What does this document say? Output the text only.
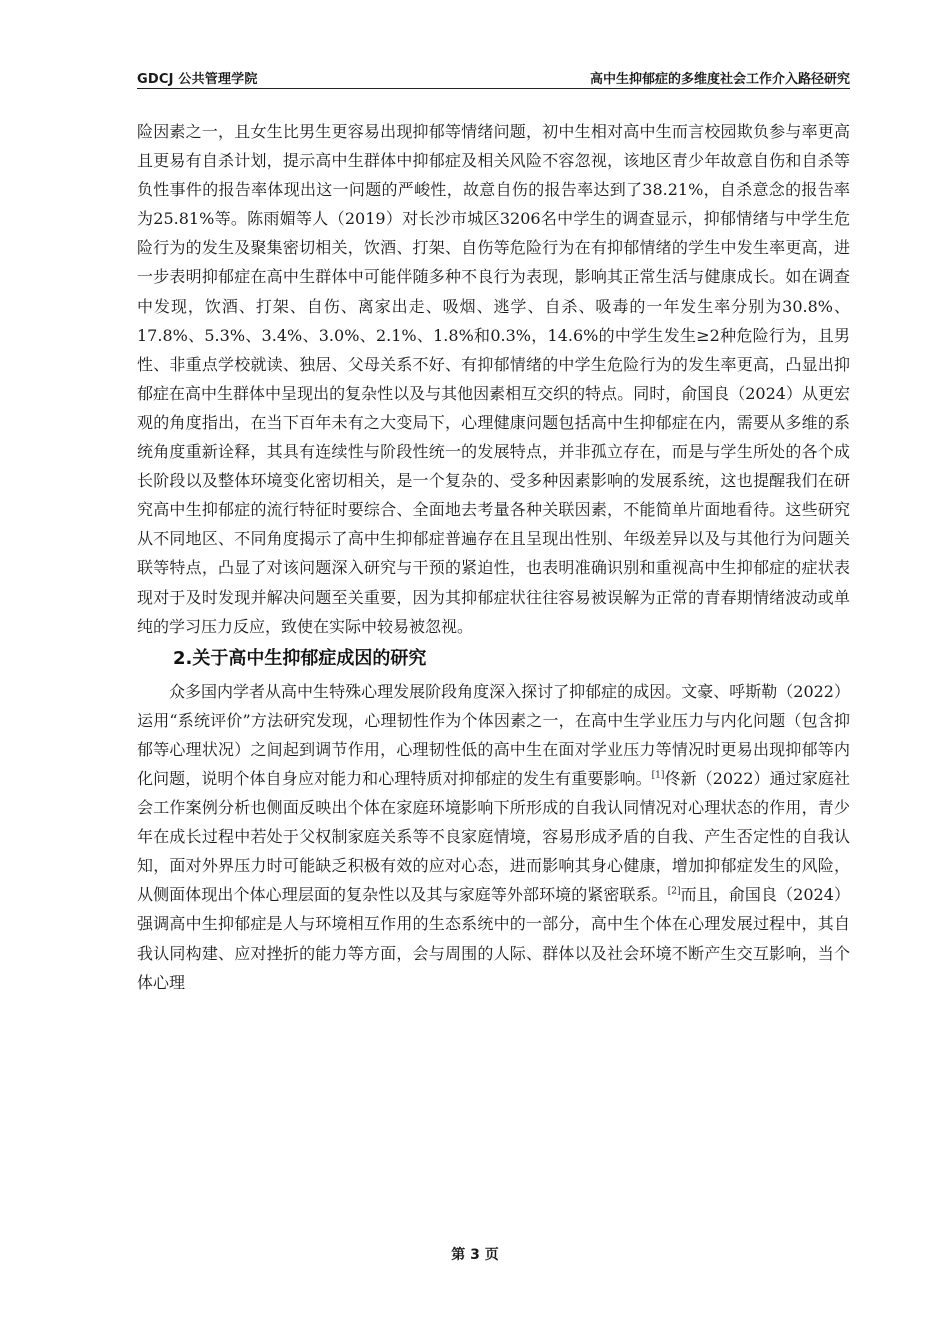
GDCJ 公共管理学院	高中生抑郁症的多维度社会工作介入路径研究

险因素之一，且女生比男生更容易出现抑郁等情绪问题，初中生相对高中生而言校园欺负参与率更高且更易有自杀计划，提示高中生群体中抑郁症及相关风险不容忽视，该地区青少年故意自伤和自杀等负性事件的报告率体现出这一问题的严峻性，故意自伤的报告率达到了38.21%，自杀意念的报告率为25.81%等。陈雨媚等人（2019）对长沙市城区3206名中学生的调查显示，抑郁情绪与中学生危险行为的发生及聚集密切相关，饮酒、打架、自伤等危险行为在有抑郁情绪的学生中发生率更高，进一步表明抑郁症在高中生群体中可能伴随多种不良行为表现，影响其正常生活与健康成长。如在调查中发现，饮酒、打架、自伤、离家出走、吸烟、逃学、自杀、吸毒的一年发生率分别为30.8%、17.8%、5.3%、3.4%、3.0%、2.1%、1.8%和0.3%，14.6%的中学生发生≥2种危险行为，且男性、非重点学校就读、独居、父母关系不好、有抑郁情绪的中学生危险行为的发生率更高，凸显出抑郁症在高中生群体中呈现出的复杂性以及与其他因素相互交织的特点。同时，俞国良（2024）从更宏观的角度指出，在当下百年未有之大变局下，心理健康问题包括高中生抑郁症在内，需要从多维的系统角度重新诠释，其具有连续性与阶段性统一的发展特点，并非孤立存在，而是与学生所处的各个成长阶段以及整体环境变化密切相关，是一个复杂的、受多种因素影响的发展系统，这也提醒我们在研究高中生抑郁症的流行特征时要综合、全面地去考量各种关联因素，不能简单片面地看待。这些研究从不同地区、不同角度揭示了高中生抑郁症普遍存在且呈现出性别、年级差异以及与其他行为问题关联等特点，凸显了对该问题深入研究与干预的紧迫性，也表明准确识别和重视高中生抑郁症的症状表现对于及时发现并解决问题至关重要，因为其抑郁症状往往容易被误解为正常的青春期情绪波动或单纯的学习压力反应，致使在实际中较易被忽视。

2.关于高中生抑郁症成因的研究

众多国内学者从高中生特殊心理发展阶段角度深入探讨了抑郁症的成因。文豪、呼斯勒（2022）运用“系统评价”方法研究发现，心理韧性作为个体因素之一，在高中生学业压力与内化问题（包含抑郁等心理状况）之间起到调节作用，心理韧性低的高中生在面对学业压力等情况时更易出现抑郁等内化问题，说明个体自身应对能力和心理特质对抑郁症的发生有重要影响。[1]佟新（2022）通过家庭社会工作案例分析也侧面反映出个体在家庭环境影响下所形成的自我认同情况对心理状态的作用，青少年在成长过程中若处于父权制家庭关系等不良家庭情境，容易形成矛盾的自我、产生否定性的自我认知，面对外界压力时可能缺乏积极有效的应对心态，进而影响其身心健康，增加抑郁症发生的风险，从侧面体现出个体心理层面的复杂性以及其与家庭等外部环境的紧密联系。[2]而且，俞国良（2024）强调高中生抑郁症是人与环境相互作用的生态系统中的一部分，高中生个体在心理发展过程中，其自我认同构建、应对挫折的能力等方面，会与周围的人际、群体以及社会环境不断产生交互影响，当个体心理

第 3 页
